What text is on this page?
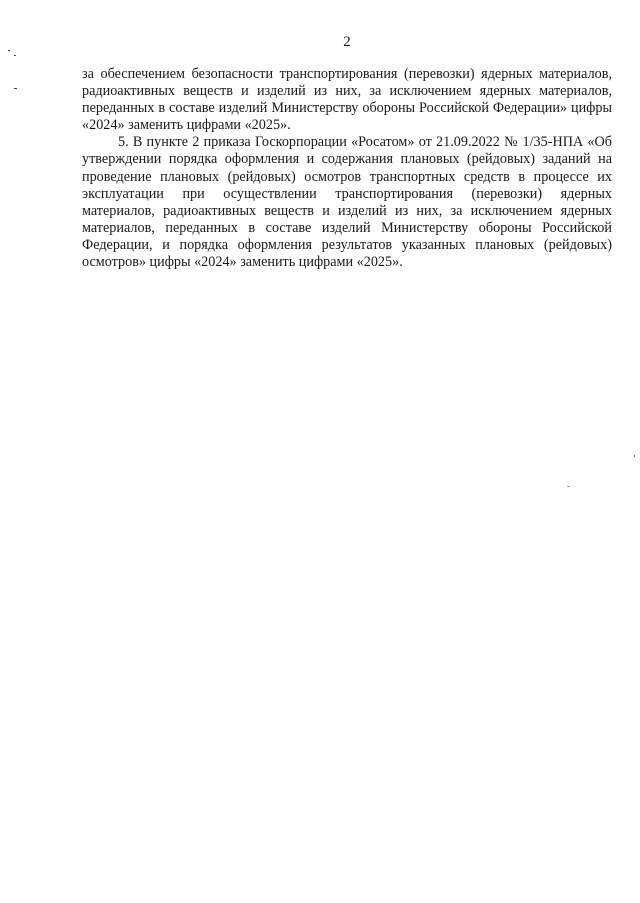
2

за обеспечением безопасности транспортирования (перевозки) ядерных материалов, радиоактивных веществ и изделий из них, за исключением ядерных материалов, переданных в составе изделий Министерству обороны Российской Федерации» цифры «2024» заменить цифрами «2025».

5. В пункте 2 приказа Госкорпорации «Росатом» от 21.09.2022 № 1/35-НПА «Об утверждении порядка оформления и содержания плановых (рейдовых) заданий на проведение плановых (рейдовых) осмотров транспортных средств в процессе их эксплуатации при осуществлении транспортирования (перевозки) ядерных материалов, радиоактивных веществ и изделий из них, за исключением ядерных материалов, переданных в составе изделий Министерству обороны Российской Федерации, и порядка оформления результатов указанных плановых (рейдовых) осмотров» цифры «2024» заменить цифрами «2025».
